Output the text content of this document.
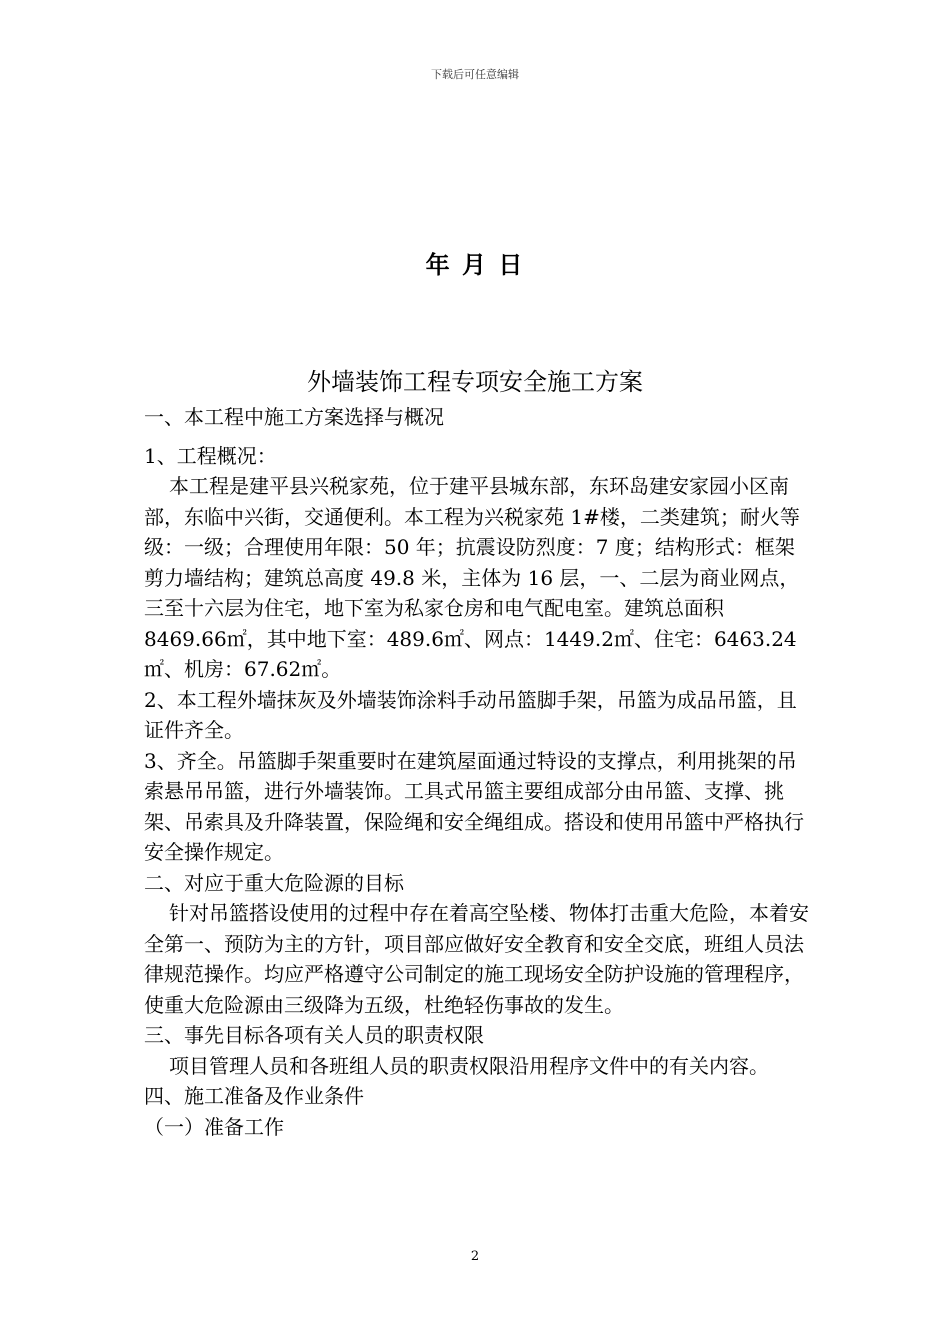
下载后可任意编辑
年 月 日
外墙装饰工程专项安全施工方案

一、本工程中施工方案选择与概况

1、工程概况：

本工程是建平县兴税家苑，位于建平县城东部，东环岛建安家园小区南部，东临中兴街，交通便利。本工程为兴税家苑 1#楼，二类建筑；耐火等级：一级；合理使用年限：50 年；抗震设防烈度：7 度；结构形式：框架剪力墙结构；建筑总高度 49.8 米，主体为 16 层，一、二层为商业网点，三至十六层为住宅，地下室为私家仓房和电气配电室。建筑总面积 8469.66㎡，其中地下室：489.6㎡、网点：1449.2㎡、住宅：6463.24㎡、机房：67.62㎡。

2、本工程外墙抹灰及外墙装饰涂料手动吊篮脚手架，吊篮为成品吊篮，且证件齐全。

3、齐全。吊篮脚手架重要时在建筑屋面通过特设的支撑点，利用挑架的吊索悬吊吊篮，进行外墙装饰。工具式吊篮主要组成部分由吊篮、支撑、挑架、吊索具及升降装置，保险绳和安全绳组成。搭设和使用吊篮中严格执行安全操作规定。

二、对应于重大危险源的目标

针对吊篮搭设使用的过程中存在着高空坠楼、物体打击重大危险，本着安全第一、预防为主的方针，项目部应做好安全教育和安全交底，班组人员法律规范操作。均应严格遵守公司制定的施工现场安全防护设施的管理程序，使重大危险源由三级降为五级，杜绝轻伤事故的发生。

三、事先目标各项有关人员的职责权限

项目管理人员和各班组人员的职责权限沿用程序文件中的有关内容。

四、施工准备及作业条件

（一）准备工作

2
